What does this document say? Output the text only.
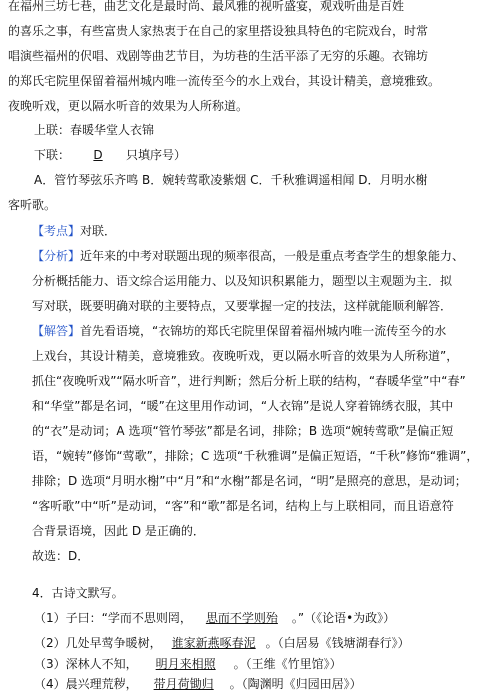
在福州三坊七巷，曲艺文化是最时尚、最风雅的视听盛宴，观戏听曲是百姓
的喜乐之事，有些富贵人家热衷于在自己的家里搭设独具特色的宅院戏台，时常
唱演些福州的伬唱、戏剧等曲艺节目，为坊巷的生活平添了无穷的乐趣。衣锦坊
的郑氏宅院里保留着福州城内唯一流传至今的水上戏台，其设计精美，意境雅致。
夜晚听戏，更以隔水听音的效果为人所称道。
上联：春暖华堂人衣锦
下联： D 只填序号）
A．管竹琴弦乐齐鸣 B．婉转莺歌凌紫烟 C．千秋雅调遥相闻 D．月明水榭
客听歌。
【考点】对联．
【分析】近年来的中考对联题出现的频率很高，一般是重点考查学生的想象能力、
分析概括能力、语文综合运用能力、以及知识积累能力，题型以主观题为主．拟
写对联，既要明确对联的主要特点，又要掌握一定的技法，这样就能顺利解答．
【解答】首先看语境，“衣锦坊的郑氏宅院里保留着福州城内唯一流传至今的水
上戏台，其设计精美，意境雅致。夜晚听戏，更以隔水听音的效果为人所称道”，
抓住“夜晚听戏”“隔水听音”，进行判断；然后分析上联的结构，“春暖华堂”中“春”
和“华堂”都是名词，“暖”在这里用作动词，“人衣锦”是说人穿着锦绣衣服，其中
的“衣”是动词；A 选项“管竹琴弦”都是名词，排除；B 选项“婉转莺歌”是偏正短
语，“婉转”修饰“莺歌”，排除；C 选项“千秋雅调”是偏正短语，“千秋”修饰“雅调”，
排除；D 选项“月明水榭”中“月”和“水榭”都是名词，“明”是照亮的意思，是动词；
“客听歌”中“听”是动词，“客”和“歌”都是名词，结构上与上联相同，而且语意符
合背景语境，因此 D 是正确的．
故选：D．
4．古诗文默写。
（1）子曰：“学而不思则罔， 思而不学则殆 。”（《论语•为政》）
（2）几处早莺争暖树， 谁家新燕啄春泥 。（白居易《钱塘湖春行》）
（3）深林人不知， 明月来相照 。（王维《竹里馆》）
（4）晨兴理荒秽， 带月荷锄归 。（陶渊明《归园田居》）
